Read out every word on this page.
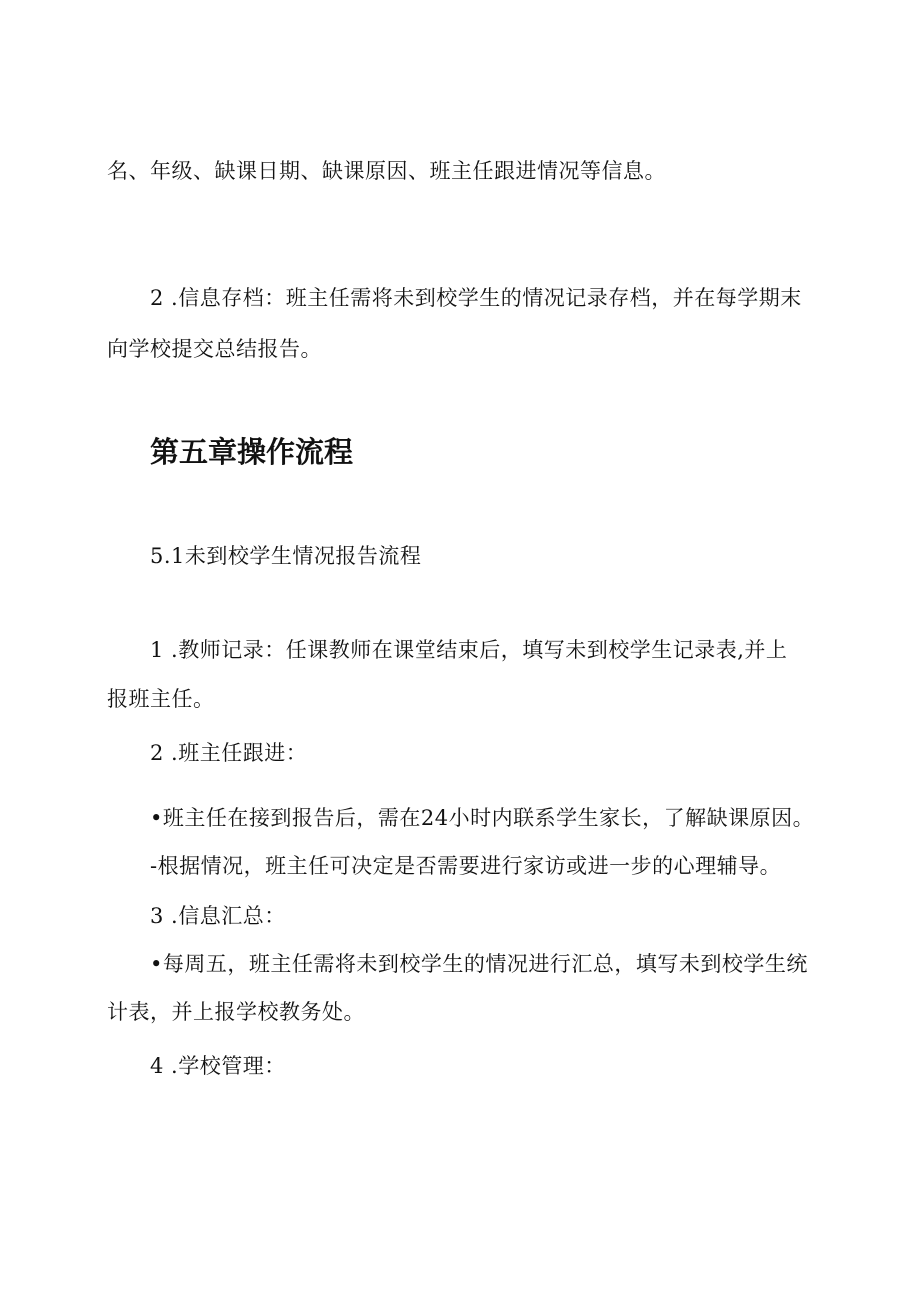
名、年级、缺课日期、缺课原因、班主任跟进情况等信息。
2 .信息存档：班主任需将未到校学生的情况记录存档，并在每学期末
向学校提交总结报告。
第五章操作流程
5.1未到校学生情况报告流程
1 .教师记录：任课教师在课堂结束后，填写未到校学生记录表,并上
报班主任。
2 .班主任跟进：
•班主任在接到报告后，需在24小时内联系学生家长，了解缺课原因。
-根据情况，班主任可决定是否需要进行家访或进一步的心理辅导。
3 .信息汇总：
•每周五，班主任需将未到校学生的情况进行汇总，填写未到校学生统
计表，并上报学校教务处。
4 .学校管理：
